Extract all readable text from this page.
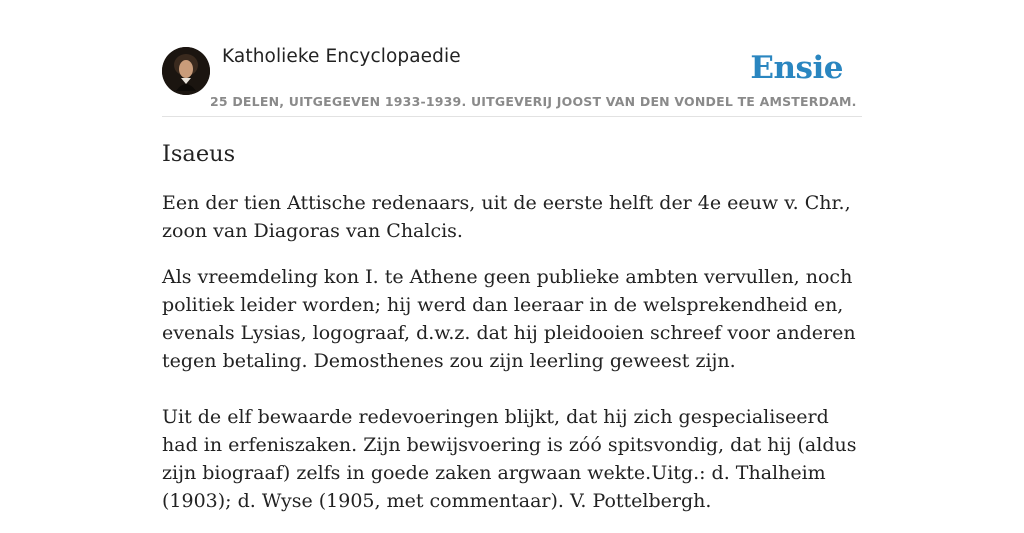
Katholieke Encyclopaedie	Ensie
25 DELEN, UITGEGEVEN 1933-1939. UITGEVERIJ JOOST VAN DEN VONDEL TE AMSTERDAM.
Isaeus

Een der tien Attische redenaars, uit de eerste helft der 4e eeuw v. Chr., zoon van Diagoras van Chalcis.

Als vreemdeling kon I. te Athene geen publieke ambten vervullen, noch politiek leider worden; hij werd dan leeraar in de welsprekendheid en, evenals Lysias, logograaf, d.w.z. dat hij pleidooien schreef voor anderen tegen betaling. Demosthenes zou zijn leerling geweest zijn.

Uit de elf bewaarde redevoeringen blijkt, dat hij zich gespecialiseerd had in erfeniszaken. Zijn bewijsvoering is zóó spitsvondig, dat hij (aldus zijn biograaf) zelfs in goede zaken argwaan wekte.Uitg.: d. Thalheim (1903); d. Wyse (1905, met commentaar). V. Pottelbergh.
